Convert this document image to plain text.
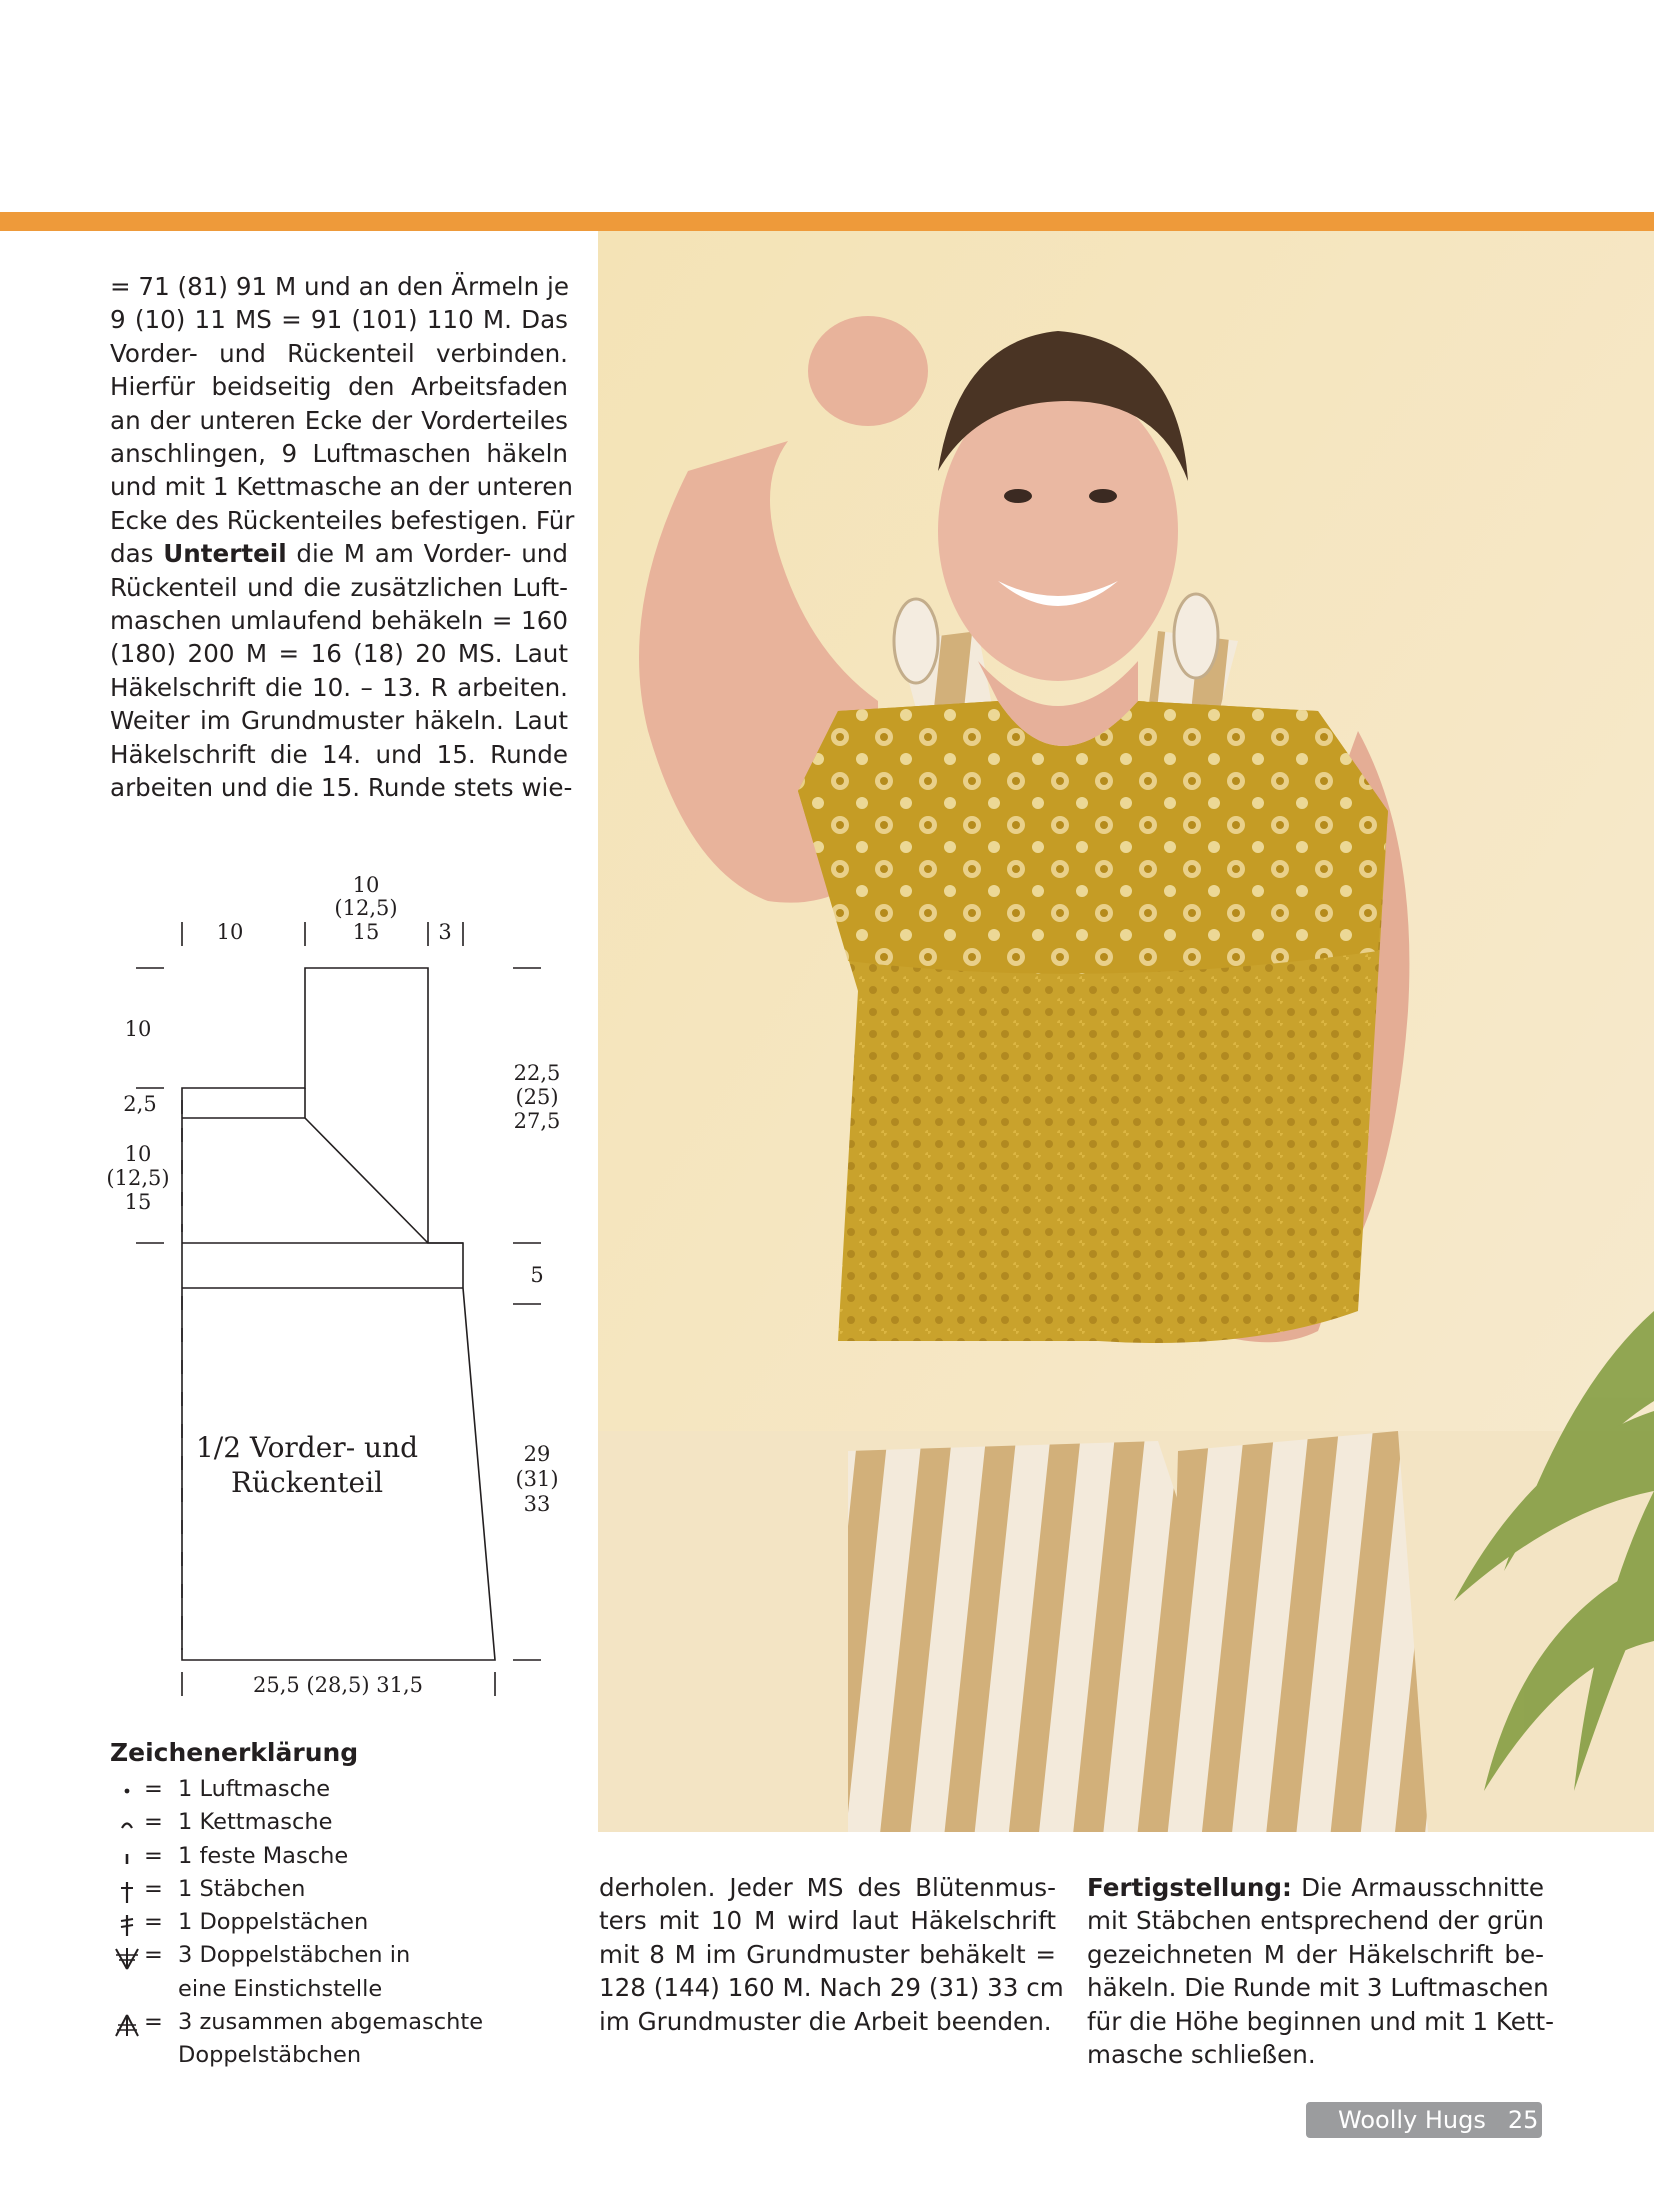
= 71 (81) 91 M und an den Ärmeln je
9 (10) 11 MS = 91 (101) 110 M. Das
Vorder- und Rückenteil verbinden.
Hierfür beidseitig den Arbeitsfaden
an der unteren Ecke der Vorderteiles
anschlingen, 9 Luftmaschen häkeln
und mit 1 Kettmasche an der unteren
Ecke des Rückenteiles befestigen. Für
das Unterteil die M am Vorder- und
Rückenteil und die zusätzlichen Luft-
maschen umlaufend behäkeln = 160
(180) 200 M = 16 (18) 20 MS. Laut
Häkelschrift die 10. – 13. R arbeiten.
Weiter im Grundmuster häkeln. Laut
Häkelschrift die 14. und 15. Runde
arbeiten und die 15. Runde stets wie-
10
10
(12,5)
15	3
10
2,5
10
(12,5)
15
22,5
(25)
27,5
5
29
(31)
33
25,5 (28,5) 31,5
1/2 Vorder- und
Rückenteil
Zeichenerklärung
= 1 Luftmasche
= 1 Kettmasche
= 1 feste Masche
= 1 Stäbchen
= 1 Doppelstächen
= 3 Doppelstäbchen in
eine Einstichstelle
= 3 zusammen abgemaschte
Doppelstäbchen
derholen. Jeder MS des Blütenmus-
ters mit 10 M wird laut Häkelschrift
mit 8 M im Grundmuster behäkelt =
128 (144) 160 M. Nach 29 (31) 33 cm
im Grundmuster die Arbeit beenden.
Fertigstellung: Die Armausschnitte
mit Stäbchen entsprechend der grün
gezeichneten M der Häkelschrift be-
häkeln. Die Runde mit 3 Luftmaschen
für die Höhe beginnen und mit 1 Kett-
masche schließen.
Woolly Hugs 25
